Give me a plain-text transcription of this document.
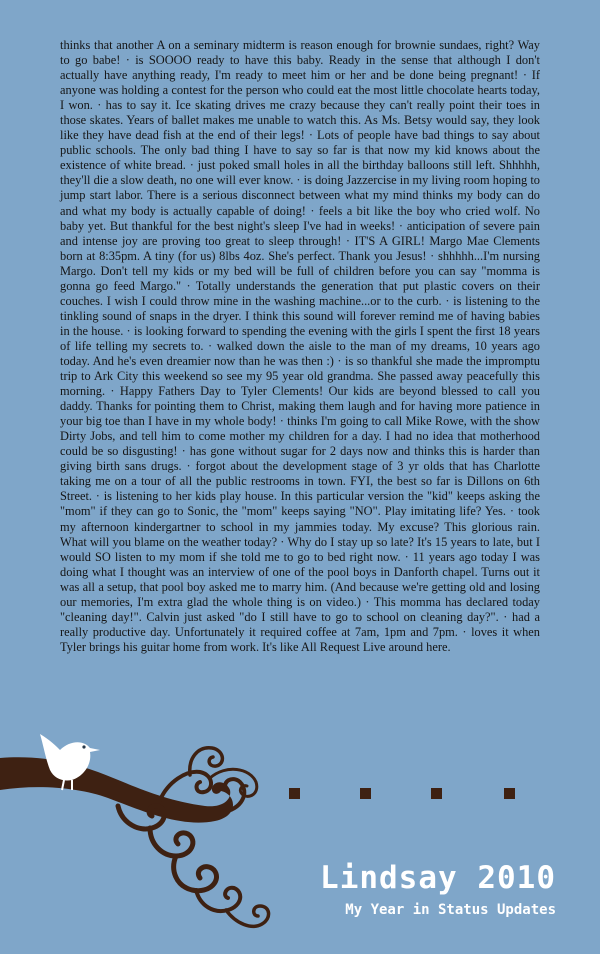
thinks that another A on a seminary midterm is reason enough for brownie sundaes, right? Way to go babe! · is SOOOO ready to have this baby. Ready in the sense that although I don't actually have anything ready, I'm ready to meet him or her and be done being pregnant! · If anyone was holding a contest for the person who could eat the most little chocolate hearts today, I won. · has to say it. Ice skating drives me crazy because they can't really point their toes in those skates. Years of ballet makes me unable to watch this. As Ms. Betsy would say, they look like they have dead fish at the end of their legs! · Lots of people have bad things to say about public schools. The only bad thing I have to say so far is that now my kid knows about the existence of white bread. · just poked small holes in all the birthday balloons still left. Shhhhh, they'll die a slow death, no one will ever know. · is doing Jazzercise in my living room hoping to jump start labor. There is a serious disconnect between what my mind thinks my body can do and what my body is actually capable of doing! · feels a bit like the boy who cried wolf. No baby yet. But thankful for the best night's sleep I've had in weeks! · anticipation of severe pain and intense joy are proving too great to sleep through! · IT'S A GIRL! Margo Mae Clements born at 8:35pm. A tiny (for us) 8lbs 4oz. She's perfect. Thank you Jesus! · shhhhh...I'm nursing Margo. Don't tell my kids or my bed will be full of children before you can say "momma is gonna go feed Margo." · Totally understands the generation that put plastic covers on their couches. I wish I could throw mine in the washing machine...or to the curb. · is listening to the tinkling sound of snaps in the dryer. I think this sound will forever remind me of having babies in the house. · is looking forward to spending the evening with the girls I spent the first 18 years of life telling my secrets to. · walked down the aisle to the man of my dreams, 10 years ago today. And he's even dreamier now than he was then :) · is so thankful she made the impromptu trip to Ark City this weekend so see my 95 year old grandma. She passed away peacefully this morning. · Happy Fathers Day to Tyler Clements! Our kids are beyond blessed to call you daddy. Thanks for pointing them to Christ, making them laugh and for having more patience in your big toe than I have in my whole body! · thinks I'm going to call Mike Rowe, with the show Dirty Jobs, and tell him to come mother my children for a day. I had no idea that motherhood could be so disgusting! · has gone without sugar for 2 days now and thinks this is harder than giving birth sans drugs. · forgot about the development stage of 3 yr olds that has Charlotte taking me on a tour of all the public restrooms in town. FYI, the best so far is Dillons on 6th Street. · is listening to her kids play house. In this particular version the "kid" keeps asking the "mom" if they can go to Sonic, the "mom" keeps saying "NO". Play imitating life? Yes. · took my afternoon kindergartner to school in my jammies today. My excuse? This glorious rain. What will you blame on the weather today? · Why do I stay up so late? It's 15 years to late, but I would SO listen to my mom if she told me to go to bed right now. · 11 years ago today I was doing what I thought was an interview of one of the pool boys in Danforth chapel. Turns out it was all a setup, that pool boy asked me to marry him. (And because we're getting old and losing our memories, I'm extra glad the whole thing is on video.) · This momma has declared today "cleaning day!". Calvin just asked "do I still have to go to school on cleaning day?". · had a really productive day. Unfortunately it required coffee at 7am, 1pm and 7pm. · loves it when Tyler brings his guitar home from work. It's like All Request Live around here.

Lindsay 2010
My Year in Status Updates
